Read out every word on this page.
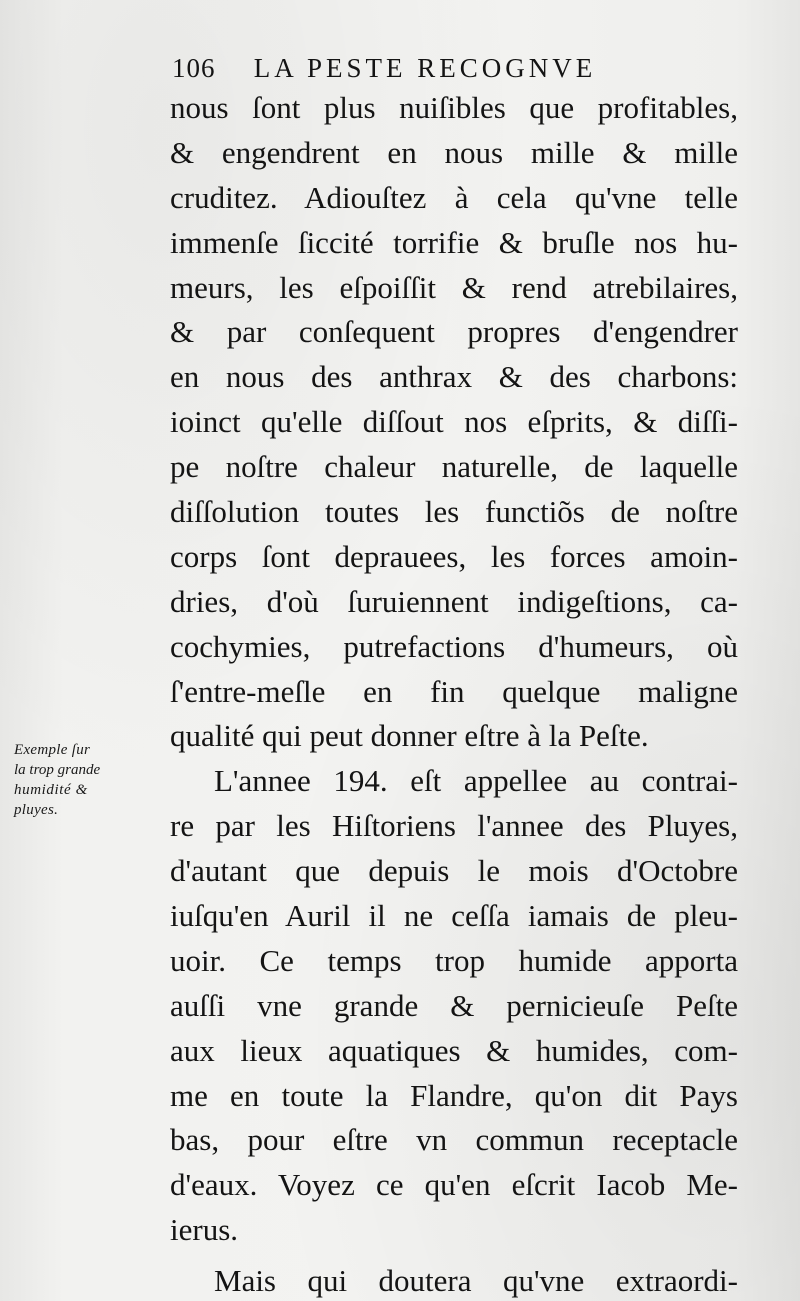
106 LA PESTE RECOGNVE
Exemple ſur
la trop grande
humidité &
pluyes.
nous ſont plus nuiſibles que profitables,
& engendrent en nous mille & mille
cruditez. Adiouſtez à cela qu'vne telle
immenſe ſiccité torrifie & bruſle nos hu-
meurs, les eſpoiſſit & rend atrebilaires,
& par conſequent propres d'engendrer
en nous des anthrax & des charbons:
ioinct qu'elle diſſout nos eſprits, & diſſi-
pe noſtre chaleur naturelle, de laquelle
diſſolution toutes les functiõs de noſtre
corps ſont deprauees, les forces amoin-
dries, d'où ſuruiennent indigeſtions, ca-
cochymies, putrefactions d'humeurs, où
ſ'entre-meſle en fin quelque maligne
qualité qui peut donner eſtre à la Peſte.
L'annee 194. eſt appellee au contrai-
re par les Hiſtoriens l'annee des Pluyes,
d'autant que depuis le mois d'Octobre
iuſqu'en Auril il ne ceſſa iamais de pleu-
uoir. Ce temps trop humide apporta
auſſi vne grande & pernicieuſe Peſte
aux lieux aquatiques & humides, com-
me en toute la Flandre, qu'on dit Pays
bas, pour eſtre vn commun receptacle
d'eaux. Voyez ce qu'en eſcrit Iacob Me-
ierus.
Mais qui doutera qu'vne extraordi-
